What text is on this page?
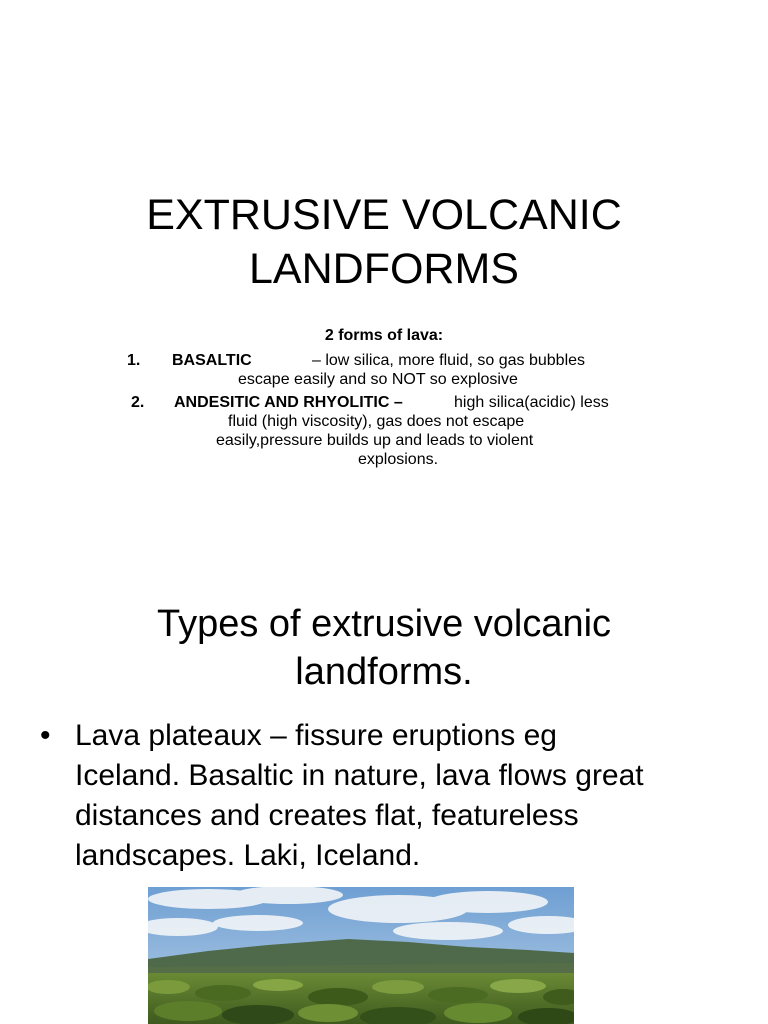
EXTRUSIVE VOLCANIC
LANDFORMS
2 forms of lava:
1. BASALTIC	– low silica, more fluid, so gas bubbles
escape easily and so NOT so explosive
2. ANDESITIC AND RHYOLITIC –	high silica(acidic) less
fluid (high viscosity), gas does not escape
easily,pressure builds up and leads to violent
explosions.
Types of extrusive volcanic
landforms.
• Lava plateaux – fissure eruptions eg
Iceland. Basaltic in nature, lava flows great
distances and creates flat, featureless
landscapes. Laki, Iceland.
